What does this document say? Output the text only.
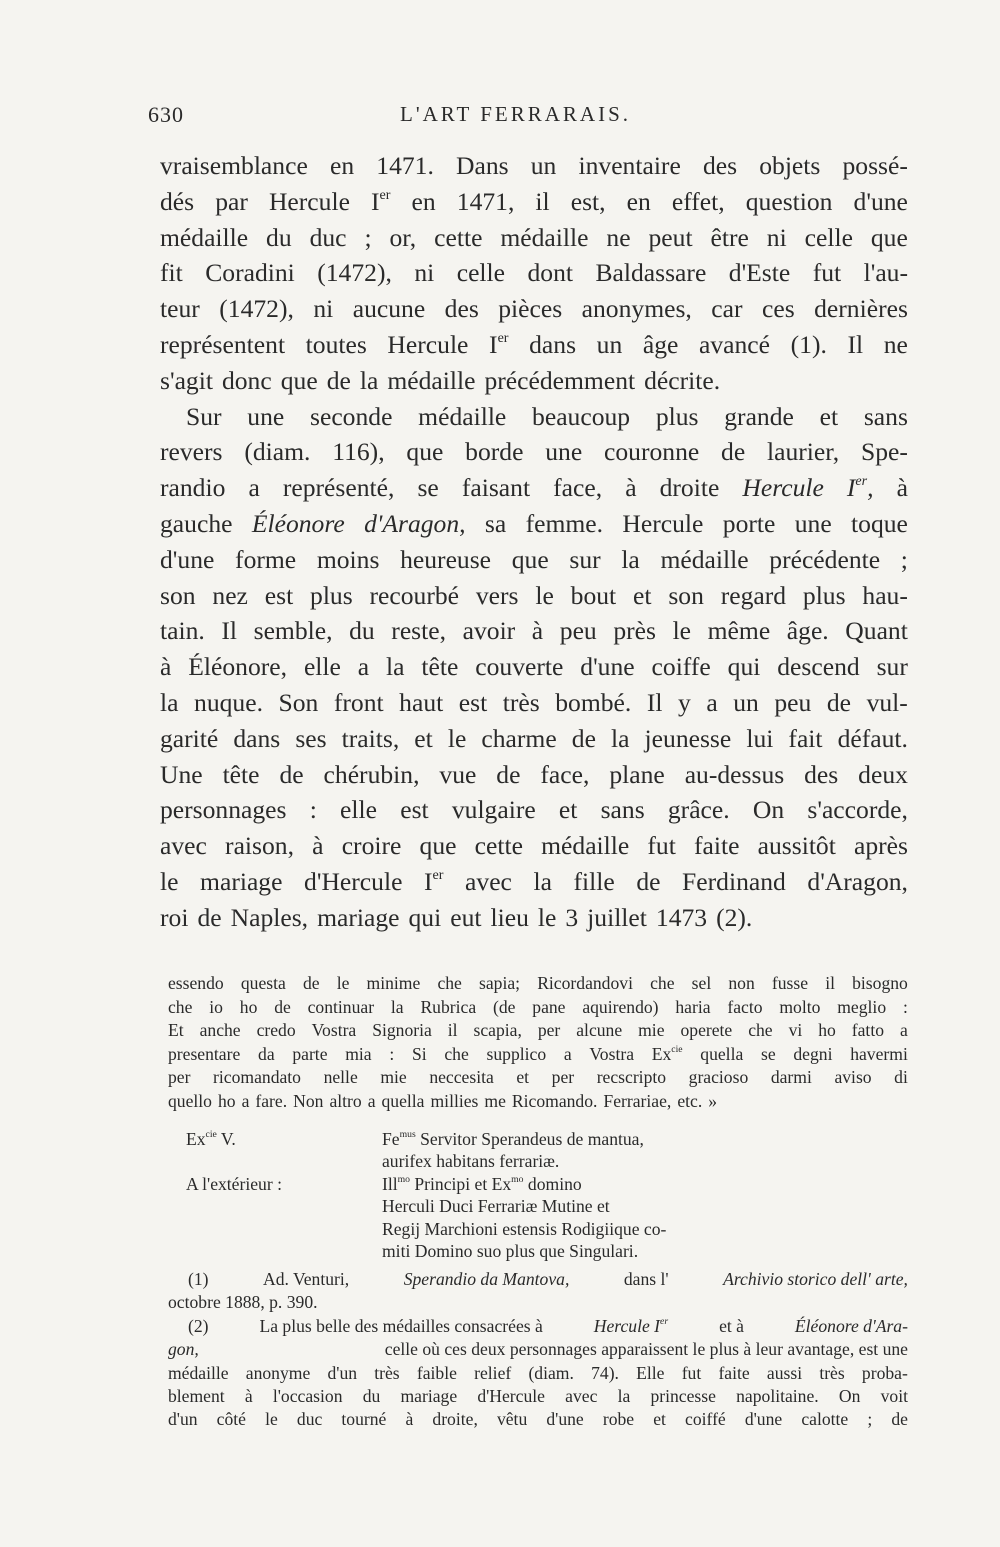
630	L'ART FERRARAIS.
vraisemblance en 1471. Dans un inventaire des objets possé-
dés par Hercule Ier en 1471, il est, en effet, question d'une
médaille du duc ; or, cette médaille ne peut être ni celle que
fit Coradini (1472), ni celle dont Baldassare d'Este fut l'au-
teur (1472), ni aucune des pièces anonymes, car ces dernières
représentent toutes Hercule Ier dans un âge avancé (1). Il ne
s'agit donc que de la médaille précédemment décrite.
Sur une seconde médaille beaucoup plus grande et sans
revers (diam. 116), que borde une couronne de laurier, Spe-
randio a représenté, se faisant face, à droite Hercule Ier, à
gauche Éléonore d'Aragon, sa femme. Hercule porte une toque
d'une forme moins heureuse que sur la médaille précédente ;
son nez est plus recourbé vers le bout et son regard plus hau-
tain. Il semble, du reste, avoir à peu près le même âge. Quant
à Éléonore, elle a la tête couverte d'une coiffe qui descend sur
la nuque. Son front haut est très bombé. Il y a un peu de vul-
garité dans ses traits, et le charme de la jeunesse lui fait défaut.
Une tête de chérubin, vue de face, plane au-dessus des deux
personnages : elle est vulgaire et sans grâce. On s'accorde,
avec raison, à croire que cette médaille fut faite aussitôt après
le mariage d'Hercule Ier avec la fille de Ferdinand d'Aragon,
roi de Naples, mariage qui eut lieu le 3 juillet 1473 (2).
essendo questa de le minime che sapia; Ricordandovi che sel non fusse il bisogno
che io ho de continuar la Rubrica (de pane aquirendo) haria facto molto meglio :
Et anche credo Vostra Signoria il scapia, per alcune mie operete che vi ho fatto a
presentare da parte mia : Si che supplico a Vostra $Ex^{cie}$ quella se degni havermi
per ricomandato nelle mie neccesita et per recscripto gracioso darmi aviso di
quello ho a fare. Non altro a quella millies me Ricomando. Ferrariae, etc. »
$Ex^{cie}$ V.	$Fe^{mus}$ Servitor Sperandeus de mantua,
aurifex habitans ferrariæ.
A l'extérieur :	Ill$^{mo}$ Principi et $Ex^{mo}$ domino
Herculi Duci Ferrariæ Mutine et
Regij Marchioni estensis Rodigiique co-
miti Domino suo plus que Singulari.
(1)	Ad. Venturi,	Sperandio da Mantova,	dans l'	Archivio storico dell' arte,
octobre 1888, p. 390.
(2)	La plus belle des médailles consacrées à	Hercule Ier	et à	Éléonore d'Ara-
gon,	celle où ces deux personnages apparaissent le plus à leur avantage, est une
médaille anonyme d'un très faible relief (diam. 74). Elle fut faite aussi très proba-
blement à l'occasion du mariage d'Hercule avec la princesse napolitaine. On voit
d'un côté le duc tourné à droite, vêtu d'une robe et coiffé d'une calotte ; de
